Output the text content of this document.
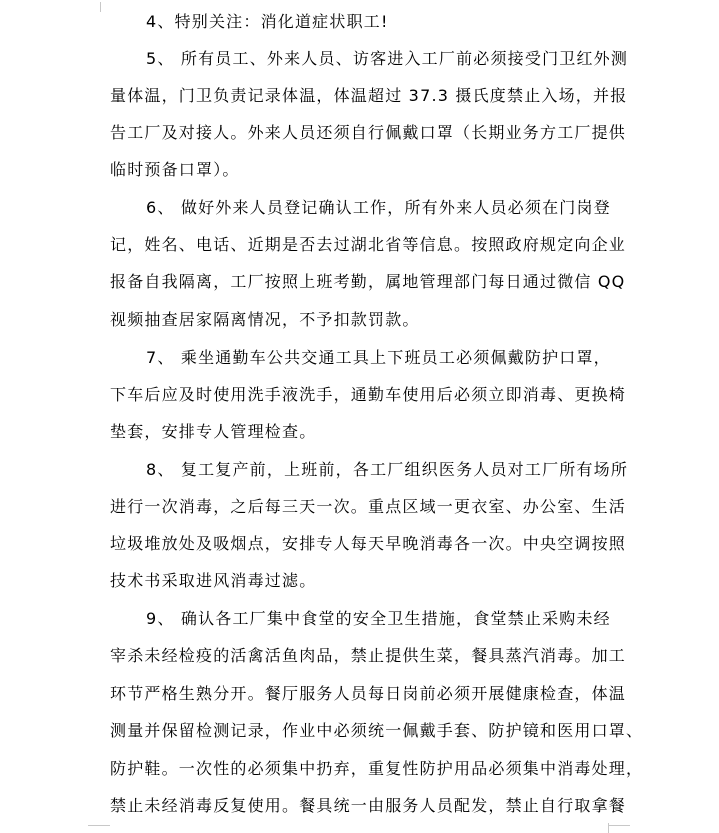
4、特别关注：消化道症状职工!
5、 所有员工、外来人员、访客进入工厂前必须接受门卫红外测
量体温，门卫负责记录体温，体温超过 37.3 摄氏度禁止入场，并报
告工厂及对接人。外来人员还须自行佩戴口罩（长期业务方工厂提供
临时预备口罩）。
6、 做好外来人员登记确认工作，所有外来人员必须在门岗登
记，姓名、电话、近期是否去过湖北省等信息。按照政府规定向企业
报备自我隔离，工厂按照上班考勤，属地管理部门每日通过微信 QQ
视频抽查居家隔离情况，不予扣款罚款。
7、 乘坐通勤车公共交通工具上下班员工必须佩戴防护口罩，
下车后应及时使用洗手液洗手，通勤车使用后必须立即消毒、更换椅
垫套，安排专人管理检查。
8、 复工复产前，上班前，各工厂组织医务人员对工厂所有场所
进行一次消毒，之后每三天一次。重点区域一更衣室、办公室、生活
垃圾堆放处及吸烟点，安排专人每天早晚消毒各一次。中央空调按照
技术书采取进风消毒过滤。
9、 确认各工厂集中食堂的安全卫生措施，食堂禁止采购未经
宰杀未经检疫的活禽活鱼肉品，禁止提供生菜，餐具蒸汽消毒。加工
环节严格生熟分开。餐厅服务人员每日岗前必须开展健康检查，体温
测量并保留检测记录，作业中必须统一佩戴手套、防护镜和医用口罩、
防护鞋。一次性的必须集中扔弃，重复性防护用品必须集中消毒处理，
禁止未经消毒反复使用。餐具统一由服务人员配发，禁止自行取拿餐
